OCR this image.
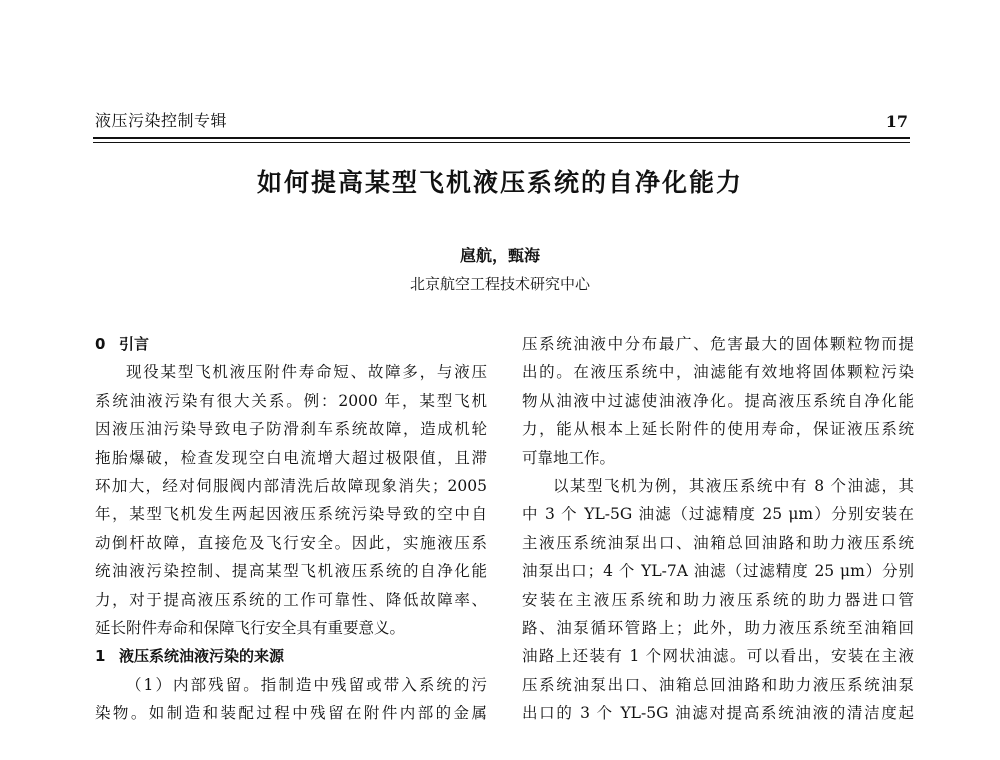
液压污染控制专辑	17
如何提高某型飞机液压系统的自净化能力
扈航，甄海
北京航空工程技术研究中心
0 引言
现役某型飞机液压附件寿命短、故障多，与液压
系统油液污染有很大关系。例：2000 年，某型飞机
因液压油污染导致电子防滑刹车系统故障，造成机轮
拖胎爆破，检查发现空白电流增大超过极限值，且滞
环加大，经对伺服阀内部清洗后故障现象消失；2005
年，某型飞机发生两起因液压系统污染导致的空中自
动倒杆故障，直接危及飞行安全。因此，实施液压系
统油液污染控制、提高某型飞机液压系统的自净化能
力，对于提高液压系统的工作可靠性、降低故障率、
延长附件寿命和保障飞行安全具有重要意义。
1 液压系统油液污染的来源
（1）内部残留。指制造中残留或带入系统的污
染物。如制造和装配过程中残留在附件内部的金属
压系统油液中分布最广、危害最大的固体颗粒物而提
出的。在液压系统中，油滤能有效地将固体颗粒污染
物从油液中过滤使油液净化。提高液压系统自净化能
力，能从根本上延长附件的使用寿命，保证液压系统
可靠地工作。
以某型飞机为例，其液压系统中有 8 个油滤，其
中 3 个 YL-5G 油滤（过滤精度 25 μm）分别安装在
主液压系统油泵出口、油箱总回油路和助力液压系统
油泵出口；4 个 YL-7A 油滤（过滤精度 25 μm）分别
安装在主液压系统和助力液压系统的助力器进口管
路、油泵循环管路上；此外，助力液压系统至油箱回
油路上还装有 1 个网状油滤。可以看出，安装在主液
压系统油泵出口、油箱总回油路和助力液压系统油泵
出口的 3 个 YL-5G 油滤对提高系统油液的清洁度起
